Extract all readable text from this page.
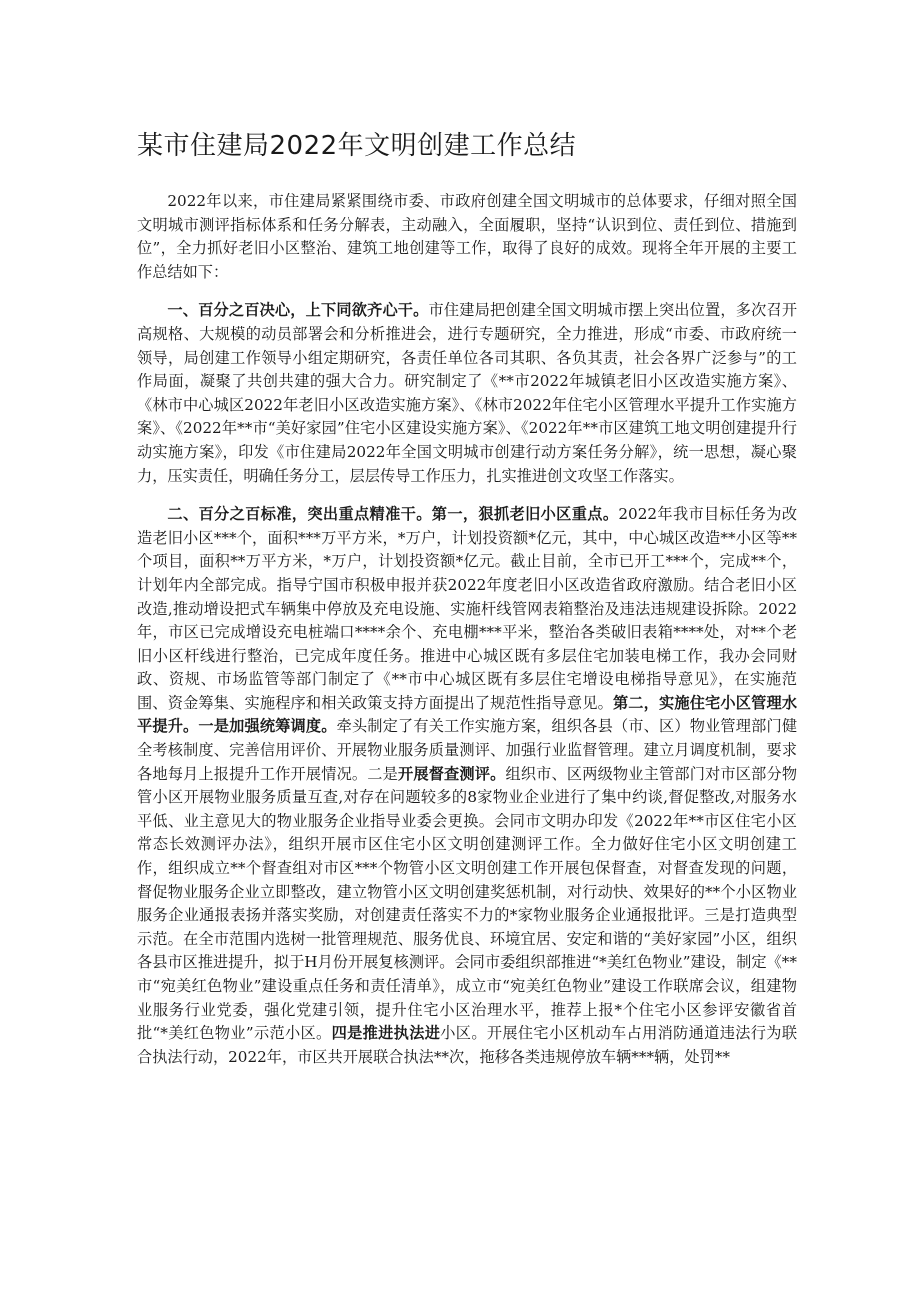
某市住建局2022年文明创建工作总结

2022年以来，市住建局紧紧围绕市委、市政府创建全国文明城市的总体要求，仔细对照全国文明城市测评指标体系和任务分解表，主动融入，全面履职，坚持“认识到位、责任到位、措施到位”，全力抓好老旧小区整治、建筑工地创建等工作，取得了良好的成效。现将全年开展的主要工作总结如下：

一、百分之百决心，上下同欲齐心干。市住建局把创建全国文明城市摆上突出位置，多次召开高规格、大规模的动员部署会和分析推进会，进行专题研究，全力推进，形成“市委、市政府统一领导，局创建工作领导小组定期研究，各责任单位各司其职、各负其责，社会各界广泛参与”的工作局面，凝聚了共创共建的强大合力。研究制定了《**市2022年城镇老旧小区改造实施方案》、《林市中心城区2022年老旧小区改造实施方案》、《林市2022年住宅小区管理水平提升工作实施方案》、《2022年**市“美好家园”住宅小区建设实施方案》、《2022年**市区建筑工地文明创建提升行动实施方案》，印发《市住建局2022年全国文明城市创建行动方案任务分解》，统一思想，凝心聚力，压实责任，明确任务分工，层层传导工作压力，扎实推进创文攻坚工作落实。

二、百分之百标准，突出重点精准干。第一，狠抓老旧小区重点。2022年我市目标任务为改造老旧小区***个，面积***万平方米，*万户，计划投资额*亿元，其中，中心城区改造**小区等**个项目，面积**万平方米，*万户，计划投资额*亿元。截止目前，全市已开工***个，完成**个，计划年内全部完成。指导宁国市积极申报并获2022年度老旧小区改造省政府激励。结合老旧小区改造,推动增设把式车辆集中停放及充电设施、实施杆线管网表箱整治及违法违规建设拆除。2022年，市区已完成增设充电桩端口****余个、充电棚***平米，整治各类破旧表箱****处，对**个老旧小区杆线进行整治，已完成年度任务。推进中心城区既有多层住宅加装电梯工作，我办会同财政、资规、市场监管等部门制定了《**市中心城区既有多层住宅增设电梯指导意见》，在实施范围、资金筹集、实施程序和相关政策支持方面提出了规范性指导意见。第二，实施住宅小区管理水平提升。一是加强统筹调度。牵头制定了有关工作实施方案，组织各县（市、区）物业管理部门健全考核制度、完善信用评价、开展物业服务质量测评、加强行业监督管理。建立月调度机制，要求各地每月上报提升工作开展情况。二是开展督查测评。组织市、区两级物业主管部门对市区部分物管小区开展物业服务质量互查,对存在问题较多的8家物业企业进行了集中约谈,督促整改,对服务水平低、业主意见大的物业服务企业指导业委会更换。会同市文明办印发《2022年**市区住宅小区常态长效测评办法》，组织开展市区住宅小区文明创建测评工作。全力做好住宅小区文明创建工作，组织成立**个督查组对市区***个物管小区文明创建工作开展包保督查，对督查发现的问题，督促物业服务企业立即整改，建立物管小区文明创建奖惩机制，对行动快、效果好的**个小区物业服务企业通报表扬并落实奖励，对创建责任落实不力的*家物业服务企业通报批评。三是打造典型示范。在全市范围内选树一批管理规范、服务优良、环境宜居、安定和谐的“美好家园”小区，组织各县市区推进提升，拟于H月份开展复核测评。会同市委组织部推进“*美红色物业”建设，制定《**市“宛美红色物业”建设重点任务和责任清单》，成立市“宛美红色物业”建设工作联席会议，组建物业服务行业党委，强化党建引领，提升住宅小区治理水平，推荐上报*个住宅小区参评安徽省首批“*美红色物业”示范小区。四是推进执法进小区。开展住宅小区机动车占用消防通道违法行为联合执法行动，2022年，市区共开展联合执法**次，拖移各类违规停放车辆***辆，处罚**
